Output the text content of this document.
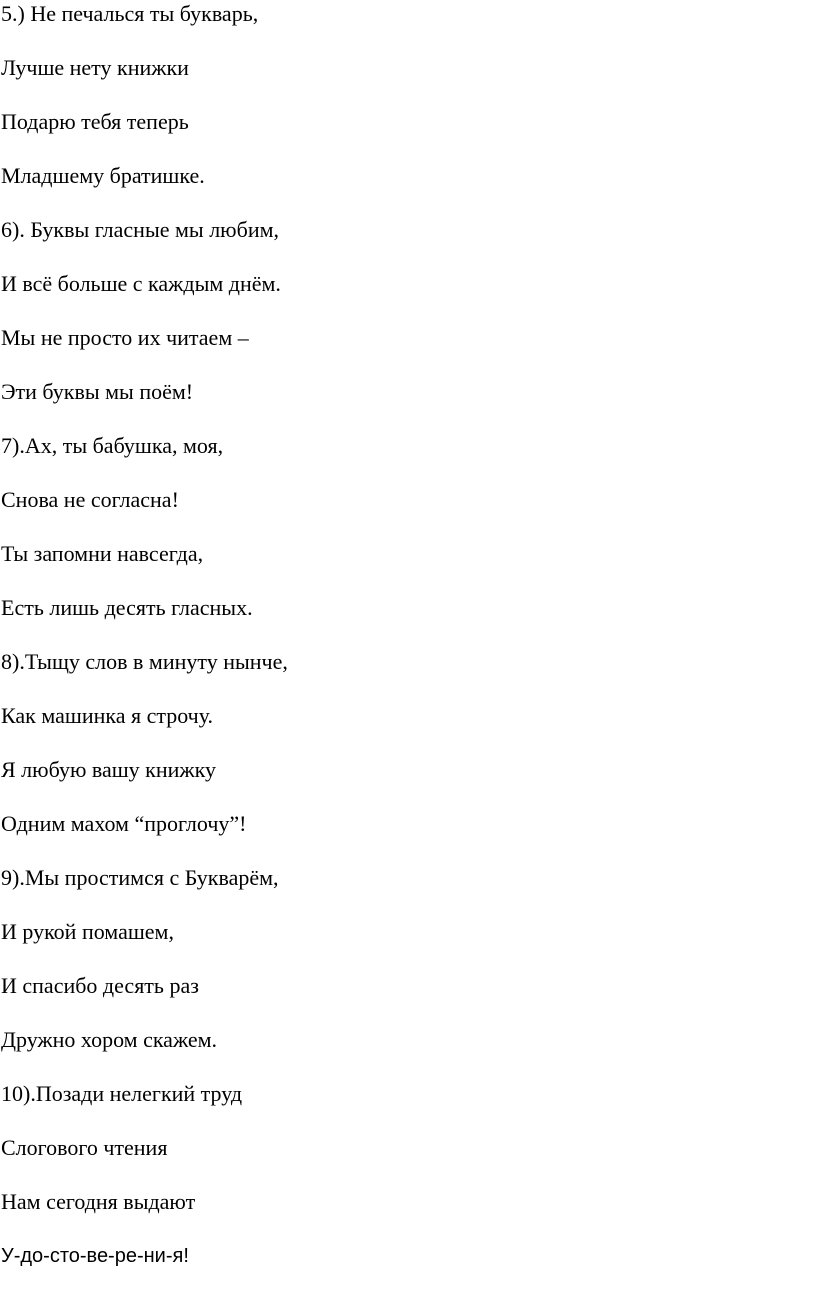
5.) Не печалься ты букварь,

Лучше нету книжки

Подарю тебя теперь

Младшему братишке.

6). Буквы гласные мы любим,

И всё больше с каждым днём.

Мы не просто их читаем –

Эти буквы мы поём!

7).Ах, ты бабушка, моя,

Снова не согласна!

Ты запомни навсегда,

Есть лишь десять гласных.

8).Тыщу слов в минуту нынче,

Как машинка я строчу.

Я любую вашу книжку

Одним махом “проглочу”!

9).Мы простимся с Букварём,

И рукой помашем,

И спасибо десять раз

Дружно хором скажем.

10).Позади нелегкий труд

Слогового чтения

Нам сегодня выдают

У-до-сто-ве-ре-ни-я!
